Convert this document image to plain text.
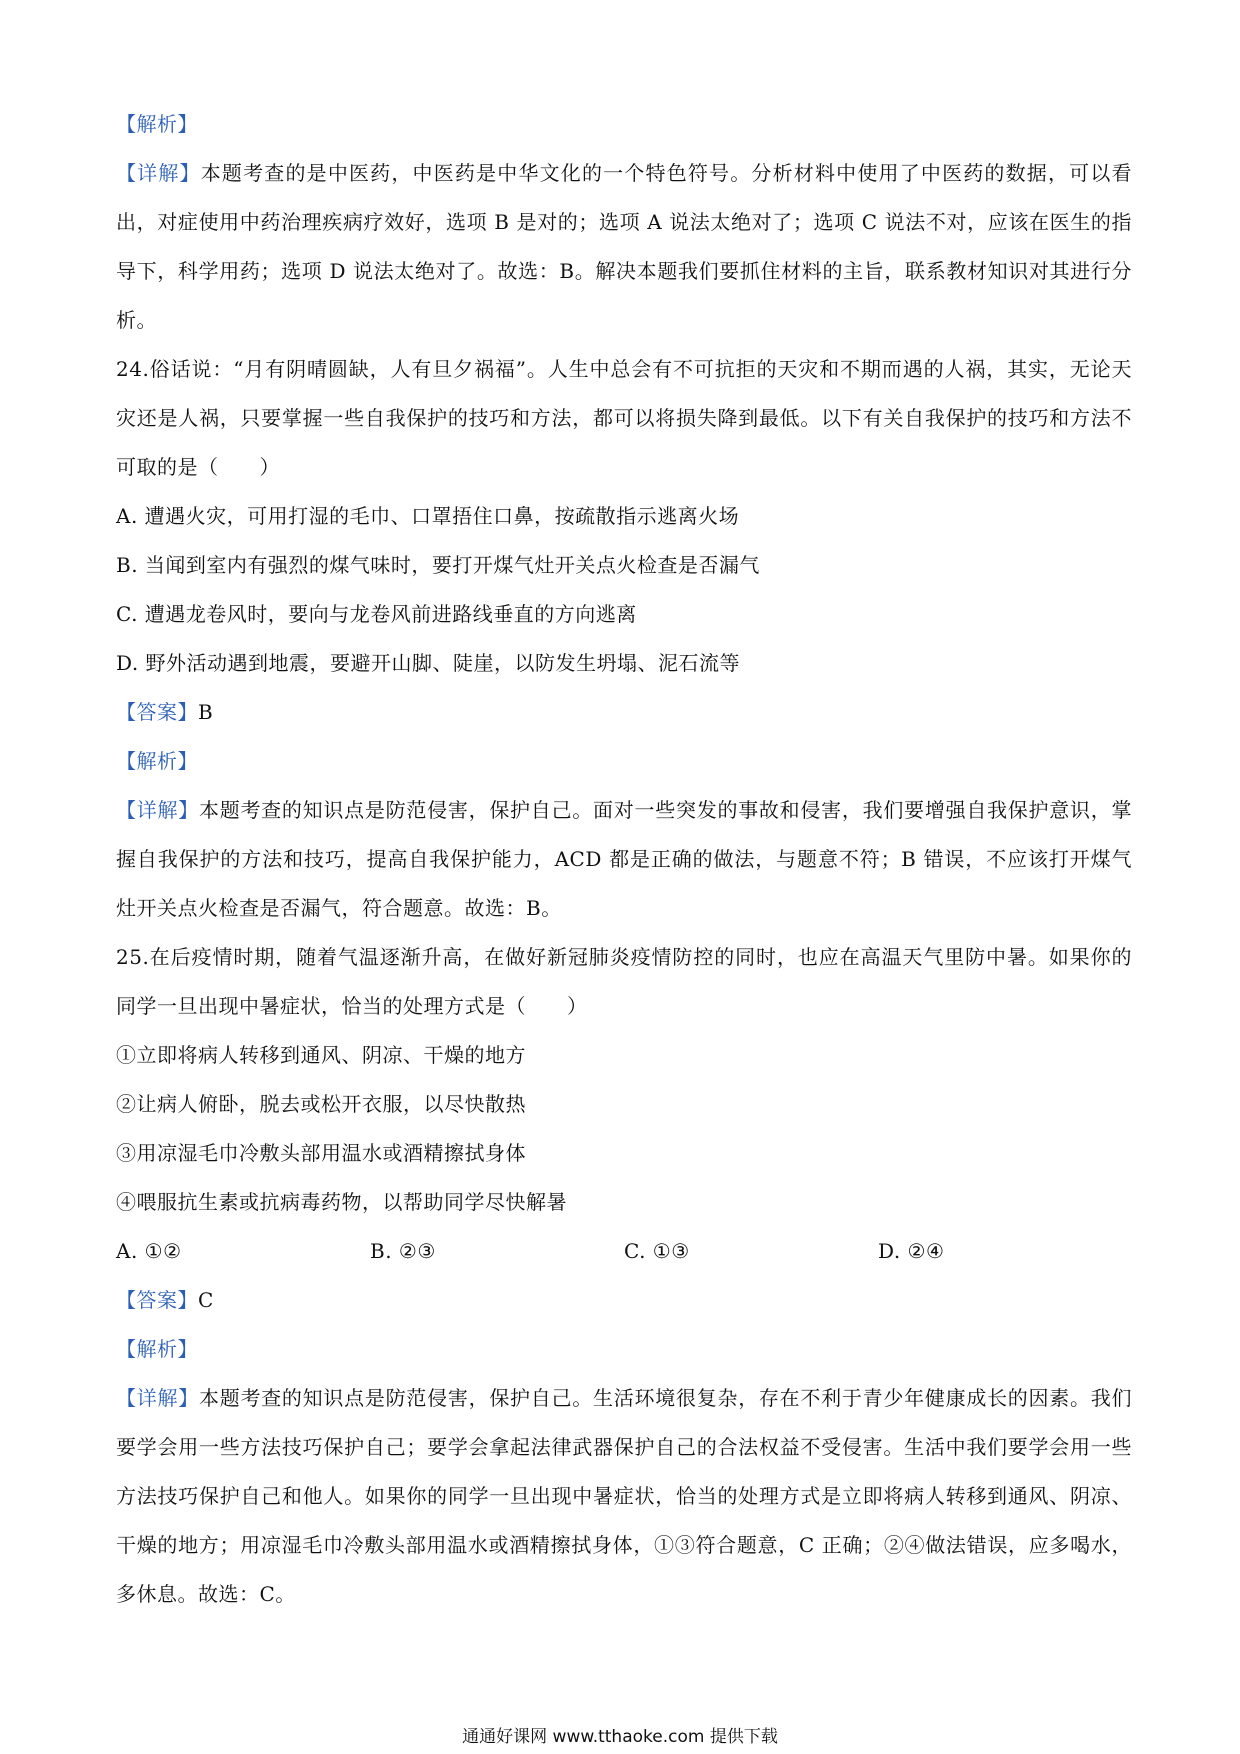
【解析】

【详解】本题考查的是中医药，中医药是中华文化的一个特色符号。分析材料中使用了中医药的数据，可以看出，对症使用中药治理疾病疗效好，选项 B 是对的；选项 A 说法太绝对了；选项 C 说法不对，应该在医生的指导下，科学用药；选项 D 说法太绝对了。故选：B。解决本题我们要抓住材料的主旨，联系教材知识对其进行分析。

24.俗话说：“月有阴晴圆缺，人有旦夕祸福”。人生中总会有不可抗拒的天灾和不期而遇的人祸，其实，无论天灾还是人祸，只要掌握一些自我保护的技巧和方法，都可以将损失降到最低。以下有关自我保护的技巧和方法不可取的是（　　）

A. 遭遇火灾，可用打湿的毛巾、口罩捂住口鼻，按疏散指示逃离火场

B. 当闻到室内有强烈的煤气味时，要打开煤气灶开关点火检查是否漏气

C. 遭遇龙卷风时，要向与龙卷风前进路线垂直的方向逃离

D. 野外活动遇到地震，要避开山脚、陡崖，以防发生坍塌、泥石流等

【答案】B

【解析】

【详解】本题考查的知识点是防范侵害，保护自己。面对一些突发的事故和侵害，我们要增强自我保护意识，掌握自我保护的方法和技巧，提高自我保护能力，ACD 都是正确的做法，与题意不符；B 错误，不应该打开煤气灶开关点火检查是否漏气，符合题意。故选：B。

25.在后疫情时期，随着气温逐渐升高，在做好新冠肺炎疫情防控的同时，也应在高温天气里防中暑。如果你的同学一旦出现中暑症状，恰当的处理方式是（　　）

①立即将病人转移到通风、阴凉、干燥的地方

②让病人俯卧，脱去或松开衣服，以尽快散热

③用凉湿毛巾冷敷头部用温水或酒精擦拭身体

④喂服抗生素或抗病毒药物，以帮助同学尽快解暑

A. ①②	B. ②③	C. ①③	D. ②④

【答案】C

【解析】

【详解】本题考查的知识点是防范侵害，保护自己。生活环境很复杂，存在不利于青少年健康成长的因素。我们要学会用一些方法技巧保护自己；要学会拿起法律武器保护自己的合法权益不受侵害。生活中我们要学会用一些方法技巧保护自己和他人。如果你的同学一旦出现中暑症状，恰当的处理方式是立即将病人转移到通风、阴凉、干燥的地方；用凉湿毛巾冷敷头部用温水或酒精擦拭身体，①③符合题意，C 正确；②④做法错误，应多喝水，多休息。故选：C。

通通好课网 www.tthaoke.com 提供下载
